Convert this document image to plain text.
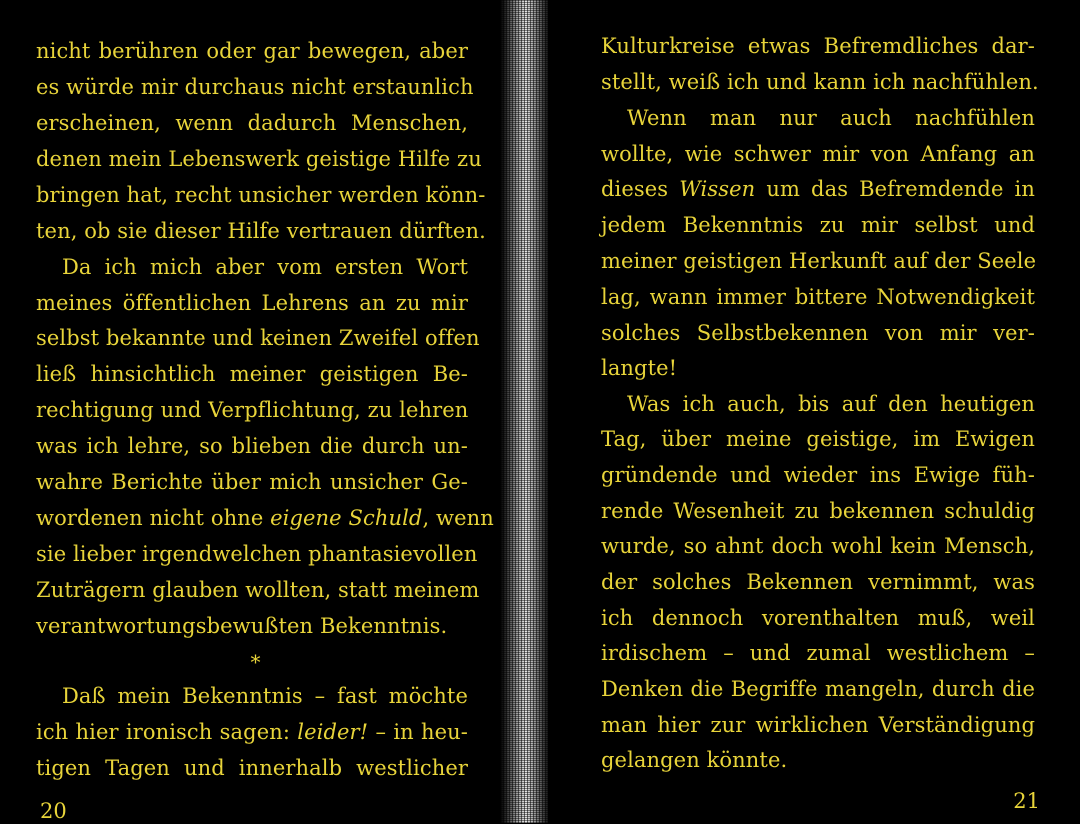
nicht berühren oder gar bewegen, aber
es würde mir durchaus nicht erstaunlich
erscheinen, wenn dadurch Menschen,
denen mein Lebenswerk geistige Hilfe zu
bringen hat, recht unsicher werden könn-
ten, ob sie dieser Hilfe vertrauen dürften.
Da ich mich aber vom ersten Wort
meines öffentlichen Lehrens an zu mir
selbst bekannte und keinen Zweifel offen
ließ hinsichtlich meiner geistigen Be-
rechtigung und Verpflichtung, zu lehren
was ich lehre, so blieben die durch un-
wahre Berichte über mich unsicher Ge-
wordenen nicht ohne eigene Schuld, wenn
sie lieber irgendwelchen phantasievollen
Zuträgern glauben wollten, statt meinem
verantwortungsbewußten Bekenntnis.
*
Daß mein Bekenntnis – fast möchte
ich hier ironisch sagen: leider! – in heu-
tigen Tagen und innerhalb westlicher
20
Kulturkreise etwas Befremdliches dar-
stellt, weiß ich und kann ich nachfühlen.
Wenn man nur auch nachfühlen
wollte, wie schwer mir von Anfang an
dieses Wissen um das Befremdende in
jedem Bekenntnis zu mir selbst und
meiner geistigen Herkunft auf der Seele
lag, wann immer bittere Notwendigkeit
solches Selbstbekennen von mir ver-
langte!
Was ich auch, bis auf den heutigen
Tag, über meine geistige, im Ewigen
gründende und wieder ins Ewige füh-
rende Wesenheit zu bekennen schuldig
wurde, so ahnt doch wohl kein Mensch,
der solches Bekennen vernimmt, was
ich dennoch vorenthalten muß, weil
irdischem – und zumal westlichem –
Denken die Begriffe mangeln, durch die
man hier zur wirklichen Verständigung
gelangen könnte.
21
